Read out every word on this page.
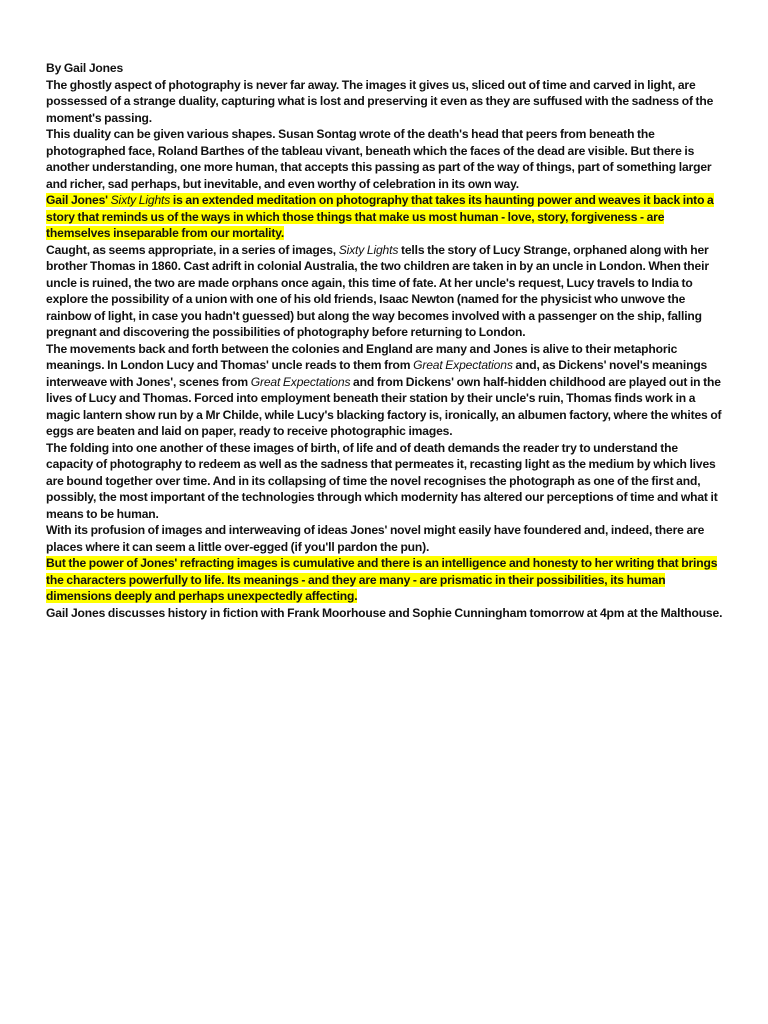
By Gail Jones

The ghostly aspect of photography is never far away. The images it gives us, sliced out of time and carved in light, are possessed of a strange duality, capturing what is lost and preserving it even as they are suffused with the sadness of the moment's passing.

This duality can be given various shapes. Susan Sontag wrote of the death's head that peers from beneath the photographed face, Roland Barthes of the tableau vivant, beneath which the faces of the dead are visible. But there is another understanding, one more human, that accepts this passing as part of the way of things, part of something larger and richer, sad perhaps, but inevitable, and even worthy of celebration in its own way.

Gail Jones' Sixty Lights is an extended meditation on photography that takes its haunting power and weaves it back into a story that reminds us of the ways in which those things that make us most human - love, story, forgiveness - are themselves inseparable from our mortality.

Caught, as seems appropriate, in a series of images, Sixty Lights tells the story of Lucy Strange, orphaned along with her brother Thomas in 1860. Cast adrift in colonial Australia, the two children are taken in by an uncle in London. When their uncle is ruined, the two are made orphans once again, this time of fate. At her uncle's request, Lucy travels to India to explore the possibility of a union with one of his old friends, Isaac Newton (named for the physicist who unwove the rainbow of light, in case you hadn't guessed) but along the way becomes involved with a passenger on the ship, falling pregnant and discovering the possibilities of photography before returning to London.

The movements back and forth between the colonies and England are many and Jones is alive to their metaphoric meanings. In London Lucy and Thomas' uncle reads to them from Great Expectations and, as Dickens' novel's meanings interweave with Jones', scenes from Great Expectations and from Dickens' own half-hidden childhood are played out in the lives of Lucy and Thomas. Forced into employment beneath their station by their uncle's ruin, Thomas finds work in a magic lantern show run by a Mr Childe, while Lucy's blacking factory is, ironically, an albumen factory, where the whites of eggs are beaten and laid on paper, ready to receive photographic images.

The folding into one another of these images of birth, of life and of death demands the reader try to understand the capacity of photography to redeem as well as the sadness that permeates it, recasting light as the medium by which lives are bound together over time. And in its collapsing of time the novel recognises the photograph as one of the first and, possibly, the most important of the technologies through which modernity has altered our perceptions of time and what it means to be human.

With its profusion of images and interweaving of ideas Jones' novel might easily have foundered and, indeed, there are places where it can seem a little over-egged (if you'll pardon the pun).

But the power of Jones' refracting images is cumulative and there is an intelligence and honesty to her writing that brings the characters powerfully to life. Its meanings - and they are many - are prismatic in their possibilities, its human dimensions deeply and perhaps unexpectedly affecting.

Gail Jones discusses history in fiction with Frank Moorhouse and Sophie Cunningham tomorrow at 4pm at the Malthouse.
